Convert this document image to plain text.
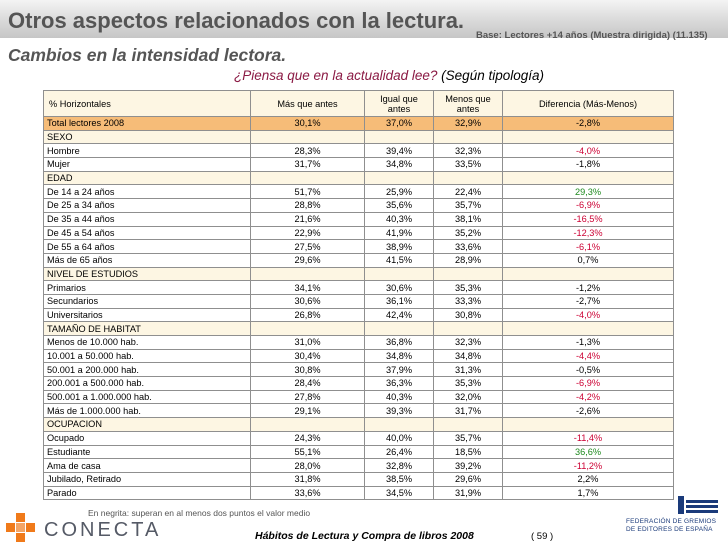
Otros aspectos relacionados con la lectura.
Base: Lectores +14 años (Muestra dirigida) (11.135)
Cambios en la intensidad lectora.
¿Piensa que en la actualidad lee? (Según tipología)
% Horizontales	Más que antes	Igual que antes	Menos que antes	Diferencia (Más-Menos)
Total lectores 2008	30,1%	37,0%	32,9%	-2,8%
SEXO				
Hombre	28,3%	39,4%	32,3%	-4,0%
Mujer	31,7%	34,8%	33,5%	-1,8%
EDAD				
De 14 a 24 años	51,7%	25,9%	22,4%	29,3%
De 25 a 34 años	28,8%	35,6%	35,7%	-6,9%
De 35 a 44 años	21,6%	40,3%	38,1%	-16,5%
De 45 a 54 años	22,9%	41,9%	35,2%	-12,3%
De 55 a 64 años	27,5%	38,9%	33,6%	-6,1%
Más de 65 años	29,6%	41,5%	28,9%	0,7%
NIVEL DE ESTUDIOS				
Primarios	34,1%	30,6%	35,3%	-1,2%
Secundarios	30,6%	36,1%	33,3%	-2,7%
Universitarios	26,8%	42,4%	30,8%	-4,0%
TAMAÑO DE HABITAT				
Menos de 10.000 hab.	31,0%	36,8%	32,3%	-1,3%
10.001 a 50.000 hab.	30,4%	34,8%	34,8%	-4,4%
50.001 a 200.000 hab.	30,8%	37,9%	31,3%	-0,5%
200.001 a 500.000 hab.	28,4%	36,3%	35,3%	-6,9%
500.001 a 1.000.000 hab.	27,8%	40,3%	32,0%	-4,2%
Más de 1.000.000 hab.	29,1%	39,3%	31,7%	-2,6%
OCUPACION				
Ocupado	24,3%	40,0%	35,7%	-11,4%
Estudiante	55,1%	26,4%	18,5%	36,6%
Ama de casa	28,0%	32,8%	39,2%	-11,2%
Jubilado, Retirado	31,8%	38,5%	29,6%	2,2%
Parado	33,6%	34,5%	31,9%	1,7%
En negrita: superan en al menos dos puntos el valor medio
CONECTA	Hábitos de Lectura y Compra de libros 2008	( 59 )
FEDERACIÓN DE GREMIOS
DE EDITORES DE ESPAÑA
